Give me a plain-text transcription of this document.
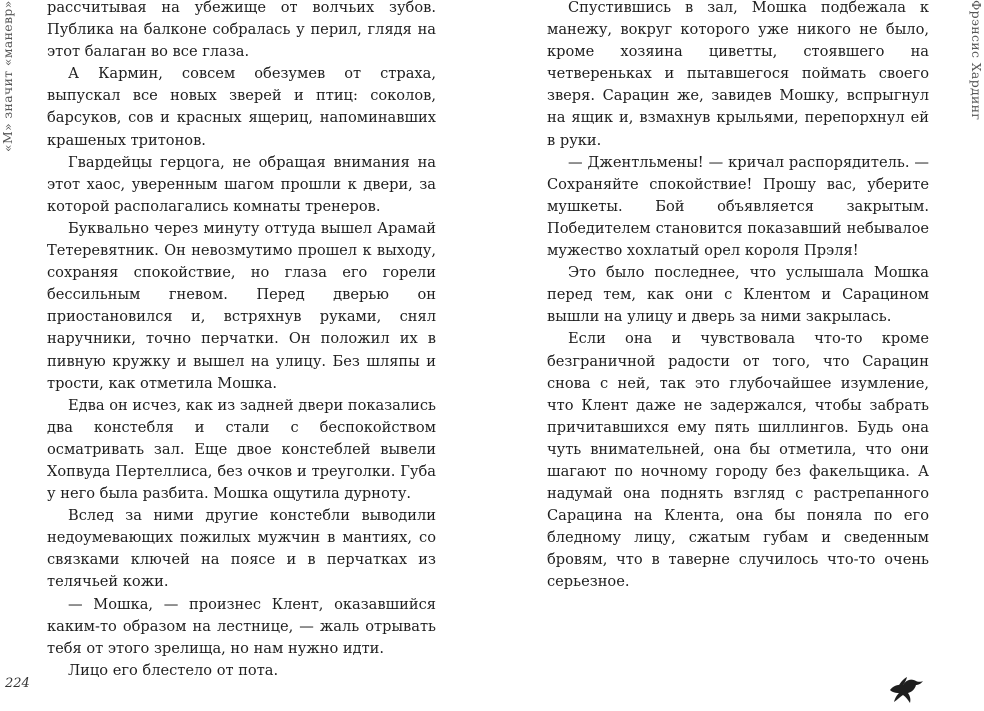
«М» значит «маневр»	рассчитывая на убежище от волчьих зубов. Публика на балконе собралась у перил, глядя на этот балаган во все глаза.

А Кармин, совсем обезумев от страха, выпускал все новых зверей и птиц: соколов, барсуков, сов и красных ящериц, напоминавших крашеных тритонов.

Гвардейцы герцога, не обращая внимания на этот хаос, уверенным шагом прошли к двери, за которой располагались комнаты тренеров.

Буквально через минуту оттуда вышел Арамай Тетеревятник. Он невозмутимо прошел к выходу, сохраняя спокойствие, но глаза его горели бессильным гневом. Перед дверью он приостановился и, встряхнув руками, снял наручники, точно перчатки. Он положил их в пивную кружку и вышел на улицу. Без шляпы и трости, как отметила Мошка.

Едва он исчез, как из задней двери показались два констебля и стали с беспокойством осматривать зал. Еще двое констеблей вывели Хопвуда Пертеллиса, без очков и треуголки. Губа у него была разбита. Мошка ощутила дурноту.

Вслед за ними другие констебли выводили недоумевающих пожилых мужчин в мантиях, со связками ключей на поясе и в перчатках из телячьей кожи.

— Мошка, — произнес Клент, оказавшийся каким-то образом на лестнице, — жаль отрывать тебя от этого зрелища, но нам нужно идти.

Лицо его блестело от пота.

224

Спустившись в зал, Мошка подбежала к манежу, вокруг которого уже никого не было, кроме хозяина циветты, стоявшего на четвереньках и пытавшегося поймать своего зверя. Сарацин же, завидев Мошку, вспрыгнул на ящик и, взмахнув крыльями, перепорхнул ей в руки.

— Джентльмены! — кричал распорядитель. — Сохраняйте спокойствие! Прошу вас, уберите мушкеты. Бой объявляется закрытым. Победителем становится показавший небывалое мужество хохлатый орел короля Прэля!

Это было последнее, что услышала Мошка перед тем, как они с Клентом и Сарацином вышли на улицу и дверь за ними закрылась.

Если она и чувствовала что-то кроме безграничной радости от того, что Сарацин снова с ней, так это глубочайшее изумление, что Клент даже не задержался, чтобы забрать причитавшихся ему пять шиллингов. Будь она чуть внимательней, она бы отметила, что они шагают по ночному городу без факельщика. А надумай она поднять взгляд с растрепанного Сарацина на Клента, она бы поняла по его бледному лицу, сжатым губам и сведенным бровям, что в таверне случилось что-то очень серьезное.

Фрэнсис Хардинг
